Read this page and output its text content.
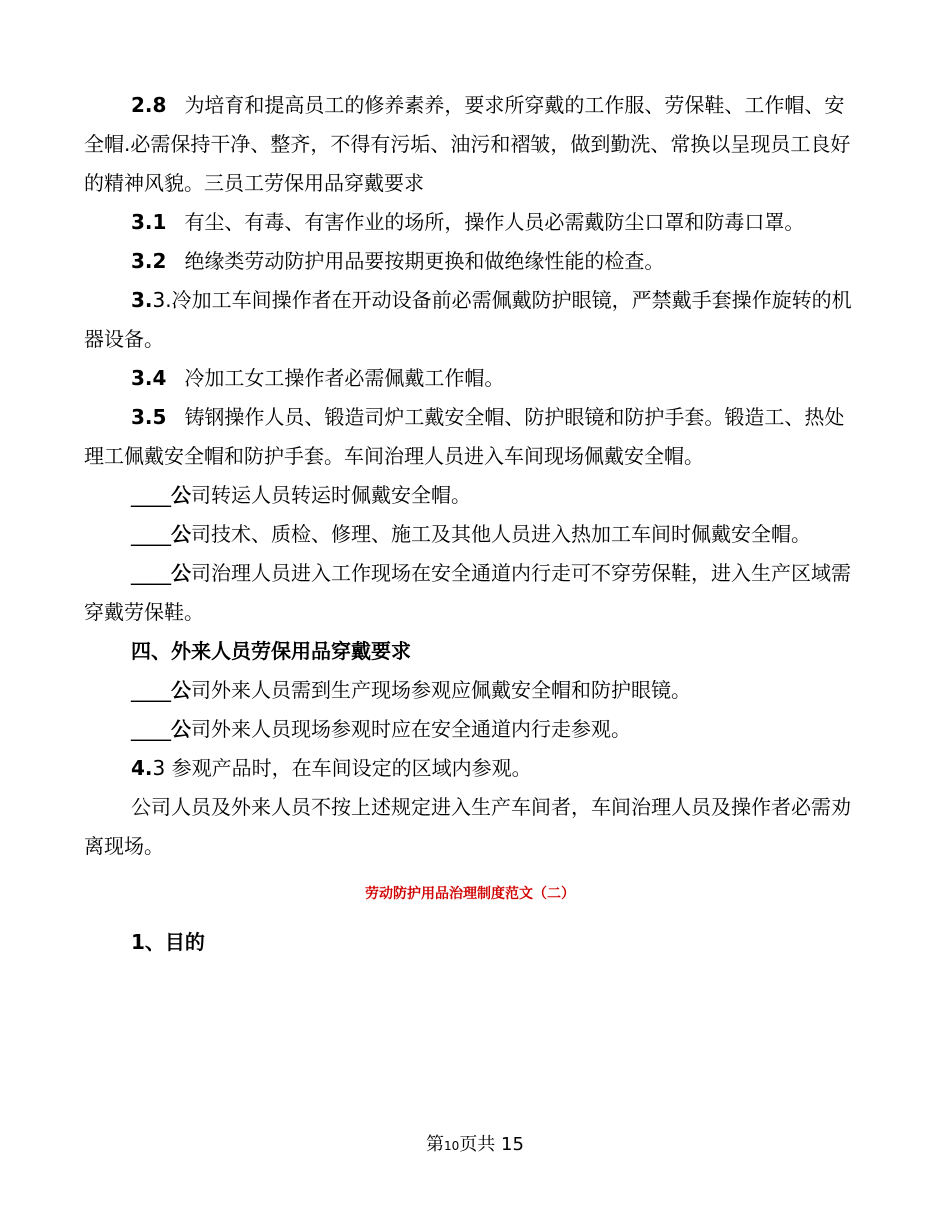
2.8 为培育和提高员工的修养素养，要求所穿戴的工作服、劳保鞋、工作帽、安全帽.必需保持干净、整齐，不得有污垢、油污和褶皱，做到勤洗、常换以呈现员工良好的精神风貌。三员工劳保用品穿戴要求

3.1 有尘、有毒、有害作业的场所，操作人员必需戴防尘口罩和防毒口罩。

3.2 绝缘类劳动防护用品要按期更换和做绝缘性能的检查。

3.3.冷加工车间操作者在开动设备前必需佩戴防护眼镜，严禁戴手套操作旋转的机器设备。

3.4 冷加工女工操作者必需佩戴工作帽。

3.5 铸钢操作人员、锻造司炉工戴安全帽、防护眼镜和防护手套。锻造工、热处理工佩戴安全帽和防护手套。车间治理人员进入车间现场佩戴安全帽。

____公司转运人员转运时佩戴安全帽。

____公司技术、质检、修理、施工及其他人员进入热加工车间时佩戴安全帽。

____公司治理人员进入工作现场在安全通道内行走可不穿劳保鞋，进入生产区域需穿戴劳保鞋。

四、外来人员劳保用品穿戴要求

____公司外来人员需到生产现场参观应佩戴安全帽和防护眼镜。

____公司外来人员现场参观时应在安全通道内行走参观。

4.3 参观产品时，在车间设定的区域内参观。

公司人员及外来人员不按上述规定进入生产车间者，车间治理人员及操作者必需劝离现场。

劳动防护用品治理制度范文（二）
1、目的
第10页共 15
